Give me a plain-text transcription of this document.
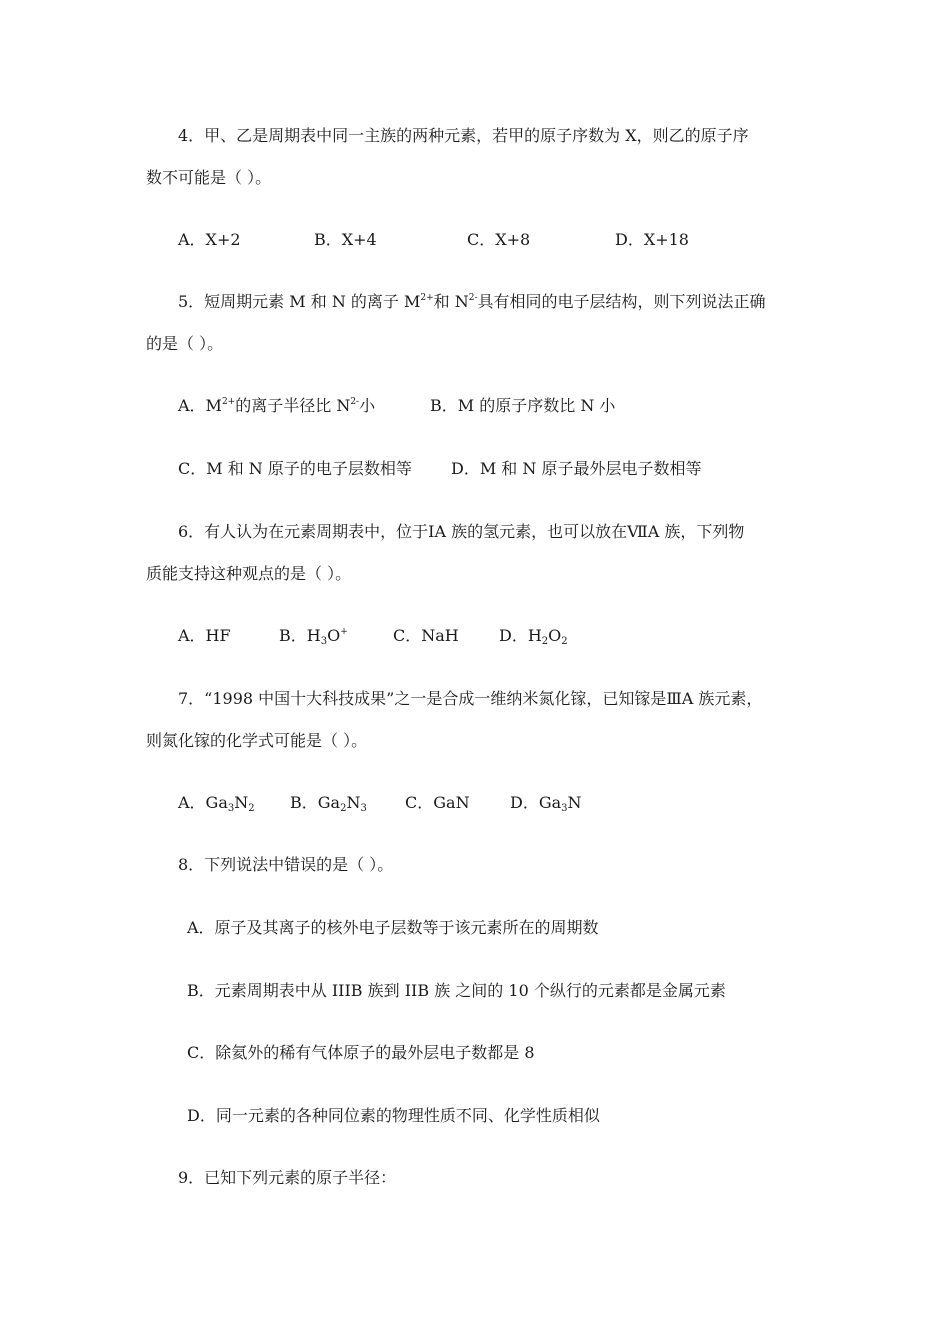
4．甲、乙是周期表中同一主族的两种元素，若甲的原子序数为 X，则乙的原子序
数不可能是（ ）。
A．X+2	B．X+4	C．X+8	D．X+18
5．短周期元素 M 和 N 的离子 $M^{2+}$和 $N^{2-}$具有相同的电子层结构，则下列说法正确
的是（ ）。
A．$M^{2+}$的离子半径比 $N^{2-}$小	B．M 的原子序数比 N 小
C．M 和 N 原子的电子层数相等 D．M 和 N 原子最外层电子数相等
6．有人认为在元素周期表中，位于ⅠA 族的氢元素，也可以放在ⅦA 族，下列物
质能支持这种观点的是（ ）。
A．HF	B．$H_3O^+$	C．NaH	D．$H_2O_2$
7．“1998 中国十大科技成果”之一是合成一维纳米氮化镓，已知镓是ⅢA 族元素，
则氮化镓的化学式可能是（ ）。
A．$Ga_3N_2$ B．$Ga_2N_3$ C．GaN	D．$Ga_3N$
8．下列说法中错误的是（ ）。
A．原子及其离子的核外电子层数等于该元素所在的周期数
B．元素周期表中从 IIIB 族到 IIB 族 之间的 10 个纵行的元素都是金属元素
C．除氦外的稀有气体原子的最外层电子数都是 8
D．同一元素的各种同位素的物理性质不同、化学性质相似
9．已知下列元素的原子半径：
